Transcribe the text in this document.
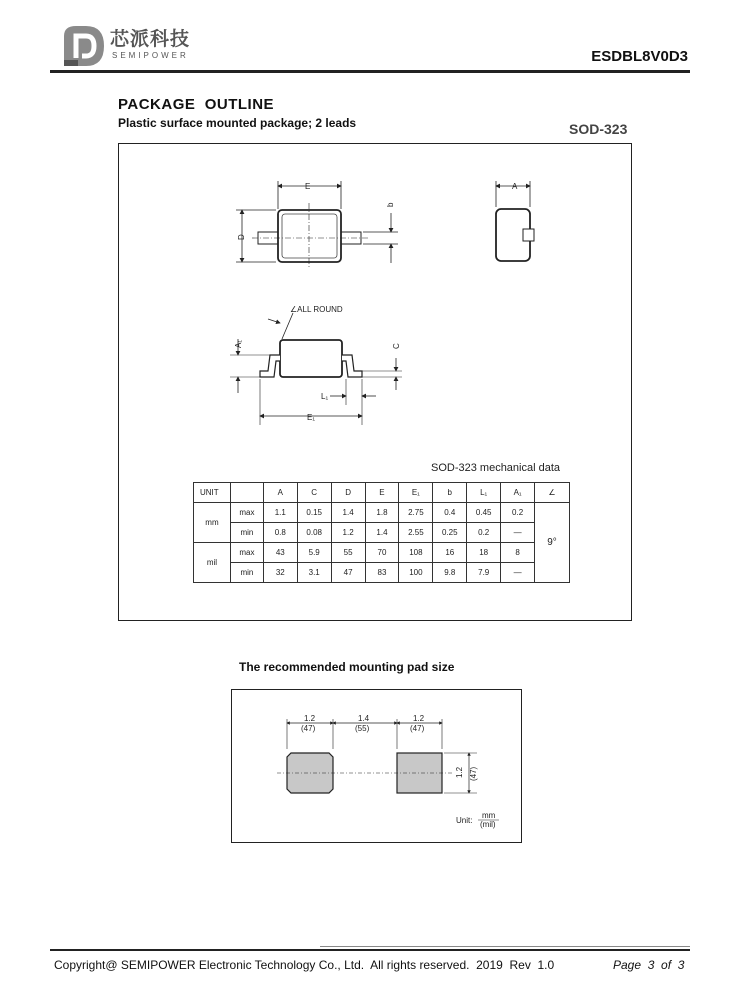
芯派科技
SEMIPOWER	ESDBL8V0D3
PACKAGE  OUTLINE
Plastic surface mounted package; 2 leads	SOD-323
E
D
b
A
∠ALL ROUND
A₁	C
L₁
E₁
SOD-323 mechanical data
UNIT		A	C	D	E	E₁	b	L₁	A₁	∠
mm	max	1.1	0.15	1.4	1.8	2.75	0.4	0.45	0.2	9°
	min	0.8	0.08	1.2	1.4	2.55	0.25	0.2	—	
mil	max	43	5.9	55	70	108	16	18	8	
	min	32	3.1	47	83	100	9.8	7.9	—	
The recommended mounting pad size
1.2
(47)
1.4
(55)
1.2
(47)
1.2 (47)
Unit:
mm
(mil)
Copyright@ SEMIPOWER Electronic Technology Co., Ltd.  All rights reserved.  2019  Rev  1.0	Page  3  of  3
